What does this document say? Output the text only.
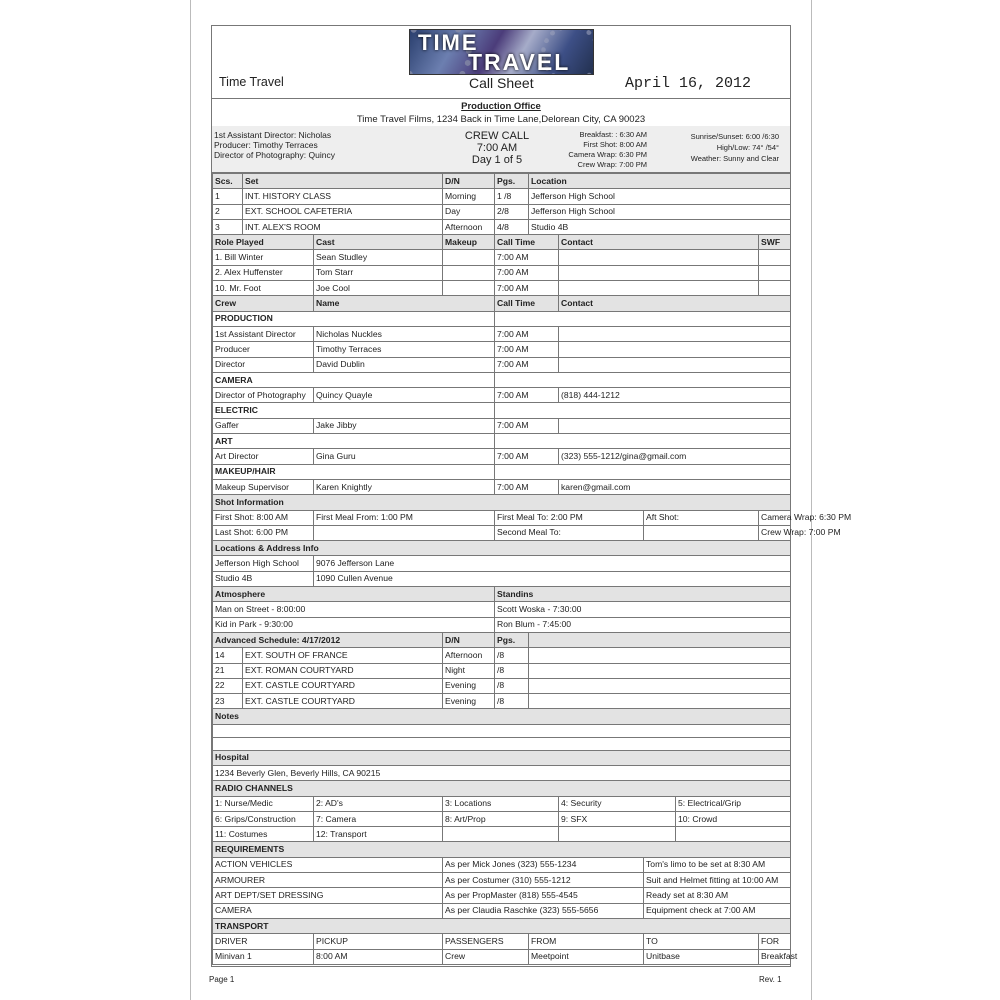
TIME
TRAVEL
Time Travel	Call Sheet	April 16, 2012
Production Office
Time Travel Films, 1234 Back in Time Lane,Delorean City, CA 90023
1st Assistant Director: Nicholas
Producer: Timothy Terraces
Director of Photography: Quincy
CREW CALL
7:00 AM
Day 1 of 5
Breakfast: : 6:30 AM
First Shot: 8:00 AM
Camera Wrap: 6:30 PM
Crew Wrap: 7:00 PM
Sunrise/Sunset: 6:00 /6:30
High/Low: 74° /54°
Weather: Sunny and Clear
Scs.	Set		D/N	Pgs.	Location				
1	INT. HISTORY CLASS		Morning	1 /8	Jefferson High School				
2	EXT. SCHOOL CAFETERIA		Day	2/8	Jefferson High School				
3	INT. ALEX'S ROOM		Afternoon	4/8	Studio 4B				
Role Played		Cast	Makeup	Call Time		Contact			SWF
1. Bill Winter		Sean Studley		7:00 AM					
2. Alex Huffenster		Tom Starr		7:00 AM					
10. Mr. Foot		Joe Cool		7:00 AM					
Crew		Name		Call Time		Contact			
PRODUCTION									
1st Assistant Director		Nicholas Nuckles		7:00 AM					
Producer		Timothy Terraces		7:00 AM					
Director		David Dublin		7:00 AM					
CAMERA									
Director of Photography		Quincy Quayle		7:00 AM		(818) 444-1212			
ELECTRIC									
Gaffer		Jake Jibby		7:00 AM					
ART									
Art Director		Gina Guru		7:00 AM		(323) 555-1212/gina@gmail.com			
MAKEUP/HAIR									
Makeup Supervisor		Karen Knightly		7:00 AM		karen@gmail.com			
Shot Information									
First Shot: 8:00 AM		First Meal From: 1:00 PM		First Meal To: 2:00 PM			Aft Shot:		Camera Wrap: 6:30 PM
Last Shot: 6:00 PM				Second Meal To:					Crew Wrap: 7:00 PM
Locations & Address Info									
Jefferson High School		9076 Jefferson Lane							
Studio 4B		1090 Cullen Avenue							
Atmosphere				Standins					
Man on Street - 8:00:00				Scott Woska - 7:30:00					
Kid in Park - 9:30:00				Ron Blum - 7:45:00					
Advanced Schedule: 4/17/2012			D/N	Pgs.					
14	EXT. SOUTH OF FRANCE		Afternoon	/8					
21	EXT. ROMAN COURTYARD		Night	/8					
22	EXT. CASTLE COURTYARD		Evening	/8					
23	EXT. CASTLE COURTYARD		Evening	/8					
Notes									

Hospital									
1234 Beverly Glen, Beverly Hills, CA 90215									
RADIO CHANNELS									
1: Nurse/Medic		2: AD's	3: Locations			4: Security		5: Electrical/Grip	
6: Grips/Construction		7: Camera	8: Art/Prop			9: SFX		10: Crowd	
11: Costumes		12: Transport							
REQUIREMENTS									
ACTION VEHICLES			As per Mick Jones (323) 555-1234				Tom's limo to be set at 8:30 AM		
ARMOURER			As per Costumer (310) 555-1212				Suit and Helmet fitting at 10:00 AM		
ART DEPT/SET DRESSING			As per PropMaster (818) 555-4545				Ready set at 8:30 AM		
CAMERA			As per Claudia Raschke (323) 555-5656				Equipment check at 7:00 AM		
TRANSPORT									
DRIVER		PICKUP	PASSENGERS		FROM		TO		FOR
Minivan 1		8:00 AM	Crew		Meetpoint		Unitbase		Breakfast
Page 1	Rev. 1
